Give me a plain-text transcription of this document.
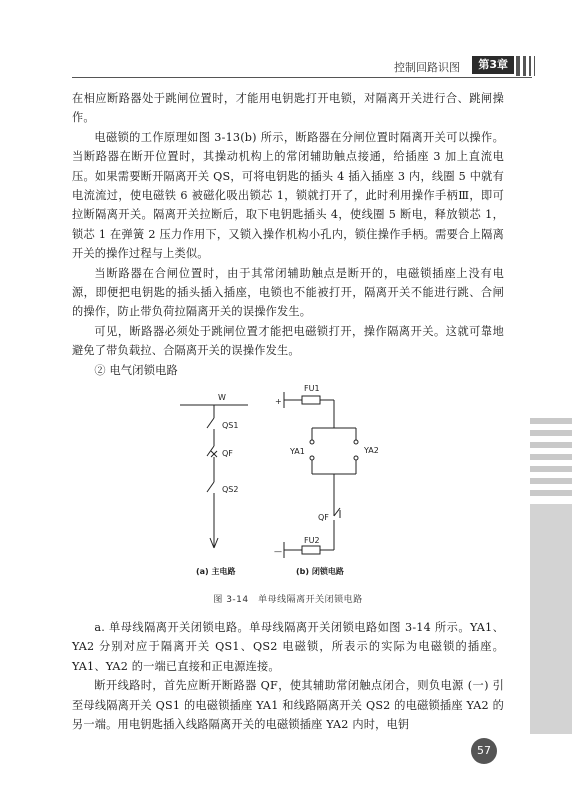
控制回路识图	第3章

在相应断路器处于跳闸位置时，才能用电钥匙打开电锁，对隔离开关进行合、跳闸操作。

电磁锁的工作原理如图 3-13(b) 所示，断路器在分闸位置时隔离开关可以操作。当断路器在断开位置时，其操动机构上的常闭辅助触点接通，给插座 3 加上直流电压。如果需要断开隔离开关 QS，可将电钥匙的插头 4 插入插座 3 内，线圈 5 中就有电流流过，使电磁铁 6 被磁化吸出锁芯 1，锁就打开了，此时利用操作手柄Ⅲ，即可拉断隔离开关。隔离开关拉断后，取下电钥匙插头 4，使线圈 5 断电，释放锁芯 1，锁芯 1 在弹簧 2 压力作用下，又锁入操作机构小孔内，锁住操作手柄。需要合上隔离开关的操作过程与上类似。

当断路器在合闸位置时，由于其常闭辅助触点是断开的，电磁锁插座上没有电源，即便把电钥匙的插头插入插座，电锁也不能被打开，隔离开关不能进行跳、合闸的操作，防止带负荷拉隔离开关的误操作发生。

可见，断路器必须处于跳闸位置才能把电磁锁打开，操作隔离开关。这就可靠地避免了带负载拉、合隔离开关的误操作发生。

② 电气闭锁电路

W
QS1
QF
QS2
+
FU1
YA1	YA2
QF
FU2
—
(a) 主电路	(b) 闭锁电路
图 3-14　单母线隔离开关闭锁电路

a. 单母线隔离开关闭锁电路。单母线隔离开关闭锁电路如图 3-14 所示。YA1、YA2 分别对应于隔离开关 QS1、QS2 电磁锁，所表示的实际为电磁锁的插座。YA1、YA2 的一端已直接和正电源连接。

断开线路时，首先应断开断路器 QF，使其辅助常闭触点闭合，则负电源 (一) 引至母线隔离开关 QS1 的电磁锁插座 YA1 和线路隔离开关 QS2 的电磁锁插座 YA2 的另一端。用电钥匙插入线路隔离开关的电磁锁插座 YA2 内时，电钥

57
